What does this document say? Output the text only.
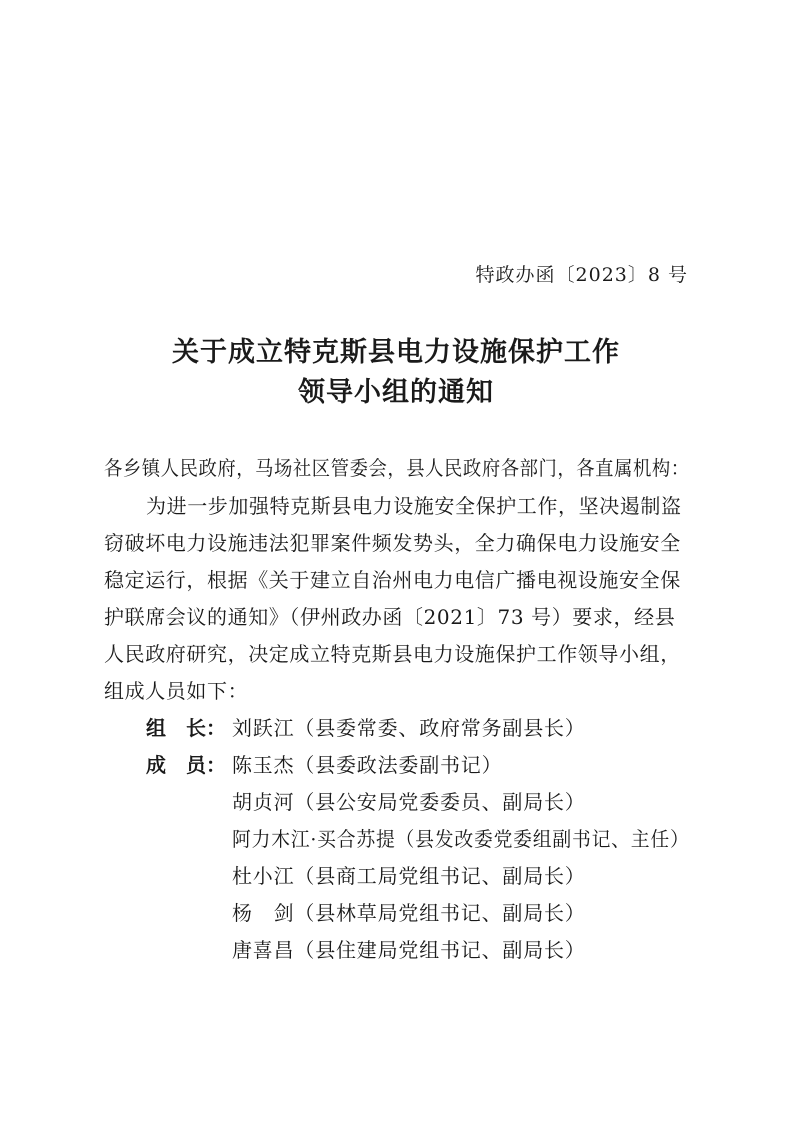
特政办函〔2023〕8 号
关于成立特克斯县电力设施保护工作
领导小组的通知
各乡镇人民政府，马场社区管委会，县人民政府各部门，各直属机构：
为进一步加强特克斯县电力设施安全保护工作，坚决遏制盗
窃破坏电力设施违法犯罪案件频发势头，全力确保电力设施安全
稳定运行，根据《关于建立自治州电力电信广播电视设施安全保
护联席会议的通知》（伊州政办函〔2021〕73 号）要求，经县
人民政府研究，决定成立特克斯县电力设施保护工作领导小组，
组成人员如下：
组 长： 刘跃江（县委常委、政府常务副县长）
成 员： 陈玉杰（县委政法委副书记）
胡贞河（县公安局党委委员、副局长）
阿力木江·买合苏提（县发改委党委组副书记、主任）
杜小江（县商工局党组书记、副局长）
杨　剑（县林草局党组书记、副局长）
唐喜昌（县住建局党组书记、副局长）
